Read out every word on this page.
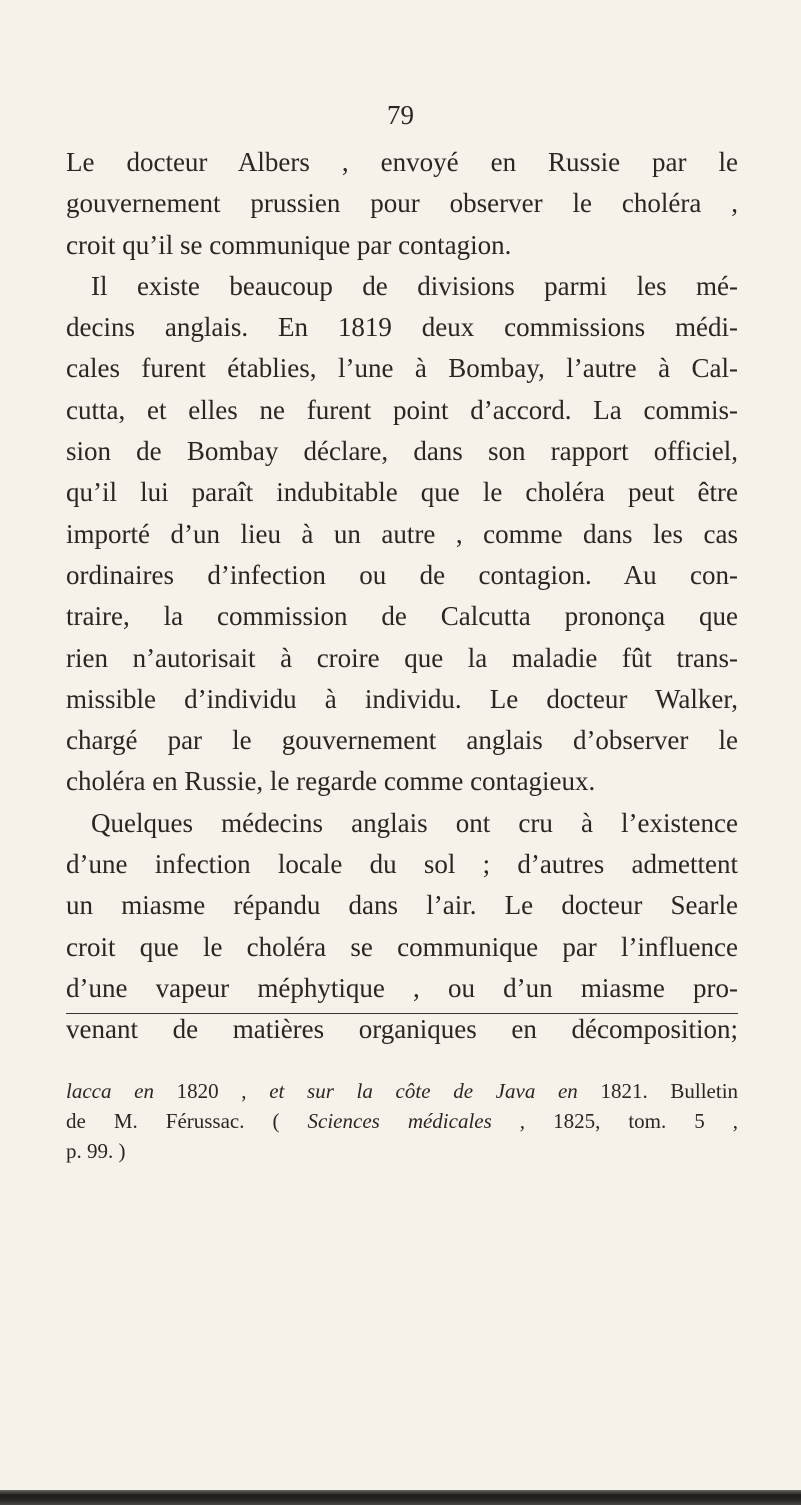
79
Le docteur Albers , envoyé en Russie par le
gouvernement prussien pour observer le choléra ,
croit qu’il se communique par contagion.
Il existe beaucoup de divisions parmi les mé-
decins anglais. En 1819 deux commissions médi-
cales furent établies, l’une à Bombay, l’autre à Cal-
cutta, et elles ne furent point d’accord. La commis-
sion de Bombay déclare, dans son rapport officiel,
qu’il lui paraît indubitable que le choléra peut être
importé d’un lieu à un autre , comme dans les cas
ordinaires d’infection ou de contagion. Au con-
traire, la commission de Calcutta prononça que
rien n’autorisait à croire que la maladie fût trans-
missible d’individu à individu. Le docteur Walker,
chargé par le gouvernement anglais d’observer le
choléra en Russie, le regarde comme contagieux.
Quelques médecins anglais ont cru à l’existence
d’une infection locale du sol ; d’autres admettent
un miasme répandu dans l’air. Le docteur Searle
croit que le choléra se communique par l’influence
d’une vapeur méphytique , ou d’un miasme pro-
venant de matières organiques en décomposition;
lacca en 1820 , et sur la côte de Java en 1821. Bulletin
de M. Férussac. ( Sciences médicales , 1825, tom. 5 ,
p. 99. )
